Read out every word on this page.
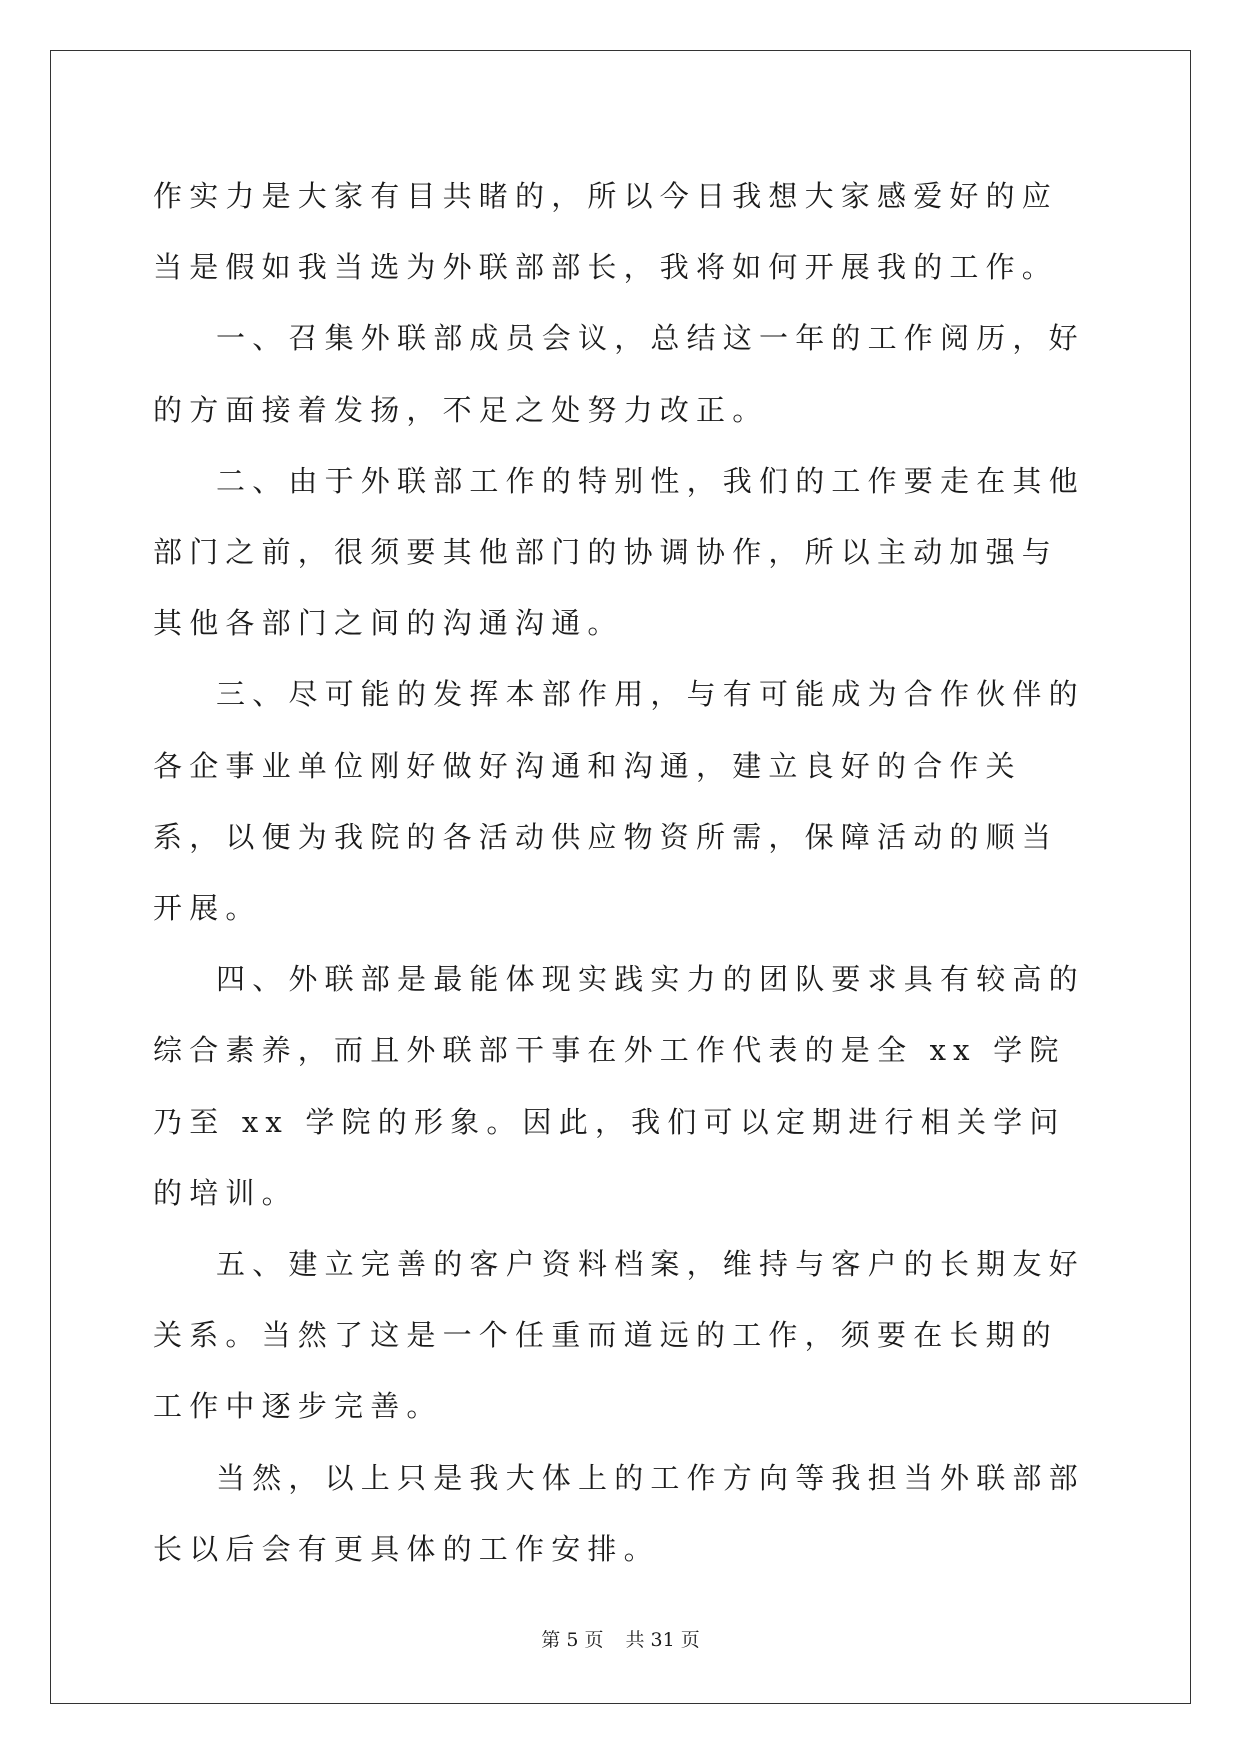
作实力是大家有目共睹的，所以今日我想大家感爱好的应当是假如我当选为外联部部长，我将如何开展我的工作。

一、召集外联部成员会议，总结这一年的工作阅历，好的方面接着发扬，不足之处努力改正。

二、由于外联部工作的特别性，我们的工作要走在其他部门之前，很须要其他部门的协调协作，所以主动加强与其他各部门之间的沟通沟通。

三、尽可能的发挥本部作用，与有可能成为合作伙伴的各企事业单位刚好做好沟通和沟通，建立良好的合作关系，以便为我院的各活动供应物资所需，保障活动的顺当开展。

四、外联部是最能体现实践实力的团队要求具有较高的综合素养，而且外联部干事在外工作代表的是全 xx 学院乃至 xx 学院的形象。因此，我们可以定期进行相关学问的培训。

五、建立完善的客户资料档案，维持与客户的长期友好关系。当然了这是一个任重而道远的工作，须要在长期的工作中逐步完善。

当然，以上只是我大体上的工作方向等我担当外联部部长以后会有更具体的工作安排。

第 5 页 共 31 页
